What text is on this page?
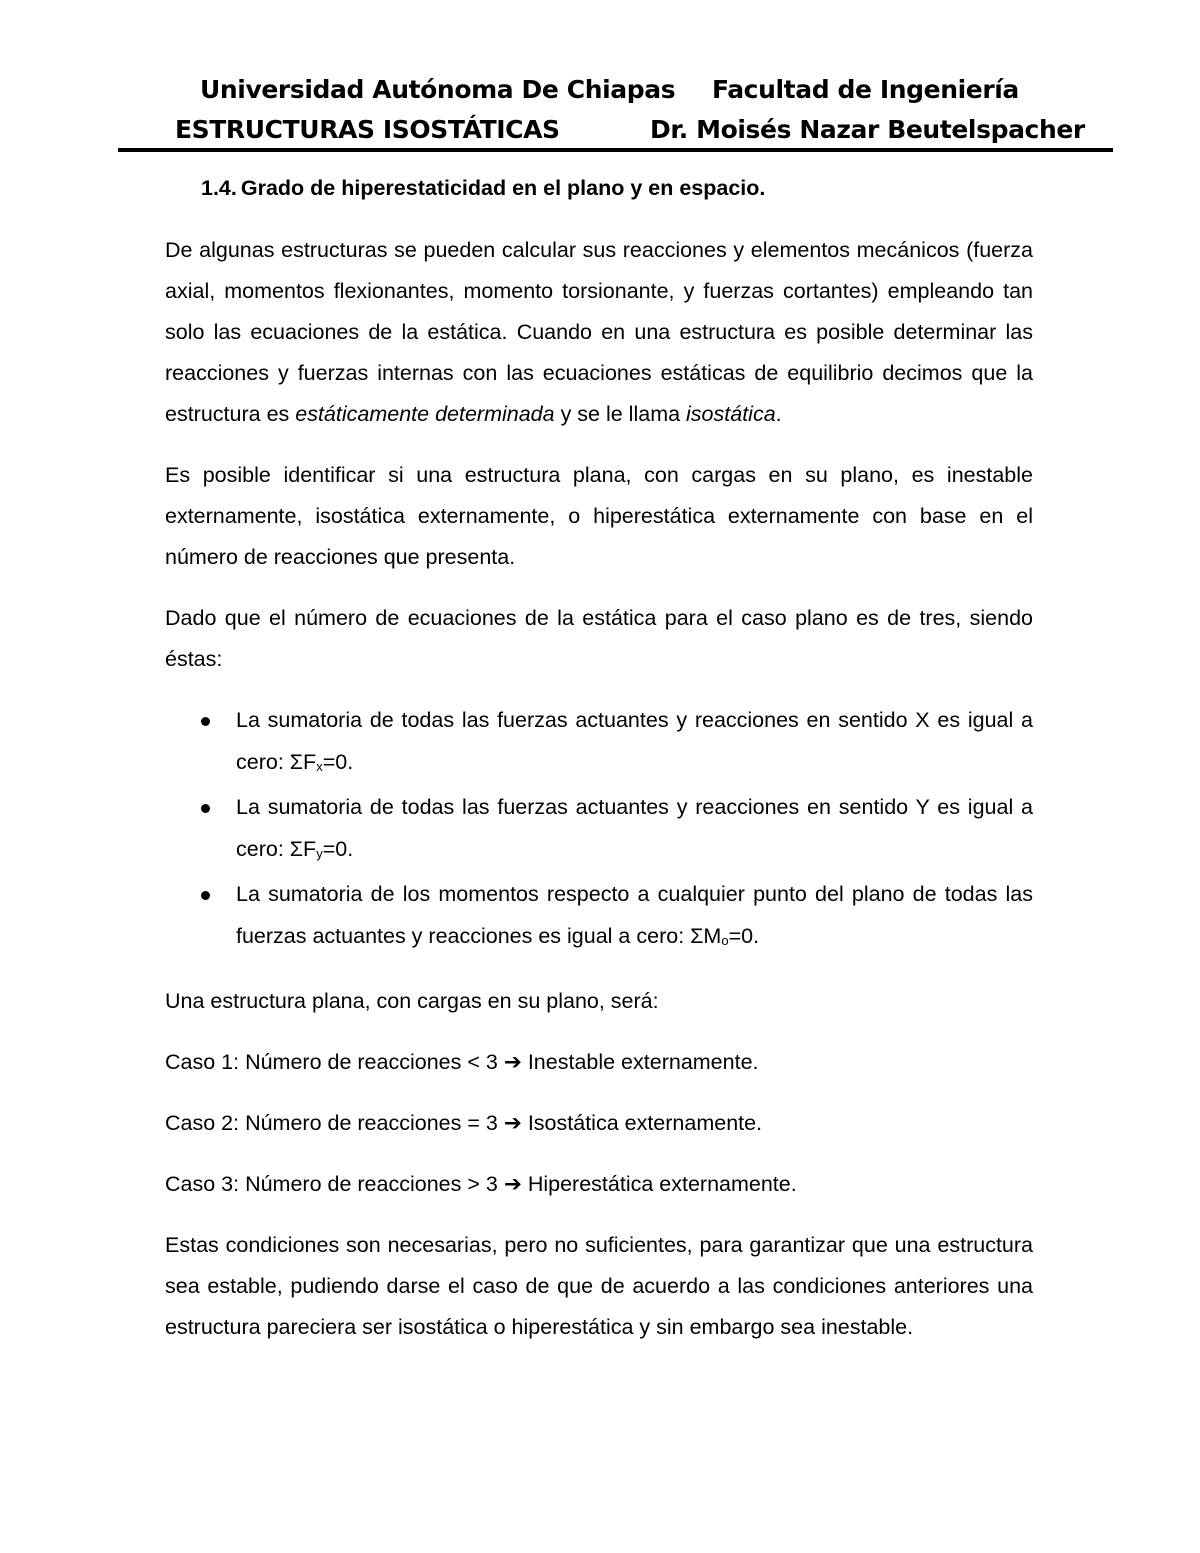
Universidad Autónoma De Chiapas Facultad de Ingeniería
ESTRUCTURAS ISOSTÁTICAS	Dr. Moisés Nazar Beutelspacher
1.4. Grado de hiperestaticidad en el plano y en espacio.

De algunas estructuras se pueden calcular sus reacciones y elementos mecánicos (fuerza axial, momentos flexionantes, momento torsionante, y fuerzas cortantes) empleando tan solo las ecuaciones de la estática. Cuando en una estructura es posible determinar las reacciones y fuerzas internas con las ecuaciones estáticas de equilibrio decimos que la estructura es estáticamente determinada y se le llama isostática.

Es posible identificar si una estructura plana, con cargas en su plano, es inestable externamente, isostática externamente, o hiperestática externamente con base en el número de reacciones que presenta.

Dado que el número de ecuaciones de la estática para el caso plano es de tres, siendo éstas:

La sumatoria de todas las fuerzas actuantes y reacciones en sentido X es igual a cero: $\Sigma F_x=0$.
La sumatoria de todas las fuerzas actuantes y reacciones en sentido Y es igual a cero: $\Sigma F_y=0$.
La sumatoria de los momentos respecto a cualquier punto del plano de todas las fuerzas actuantes y reacciones es igual a cero: $\Sigma M_o=0$.

Una estructura plana, con cargas en su plano, será:

Caso 1: Número de reacciones < 3 ➔ Inestable externamente.
Caso 2: Número de reacciones = 3 ➔ Isostática externamente.
Caso 3: Número de reacciones > 3 ➔ Hiperestática externamente.

Estas condiciones son necesarias, pero no suficientes, para garantizar que una estructura sea estable, pudiendo darse el caso de que de acuerdo a las condiciones anteriores una estructura pareciera ser isostática o hiperestática y sin embargo sea inestable.
